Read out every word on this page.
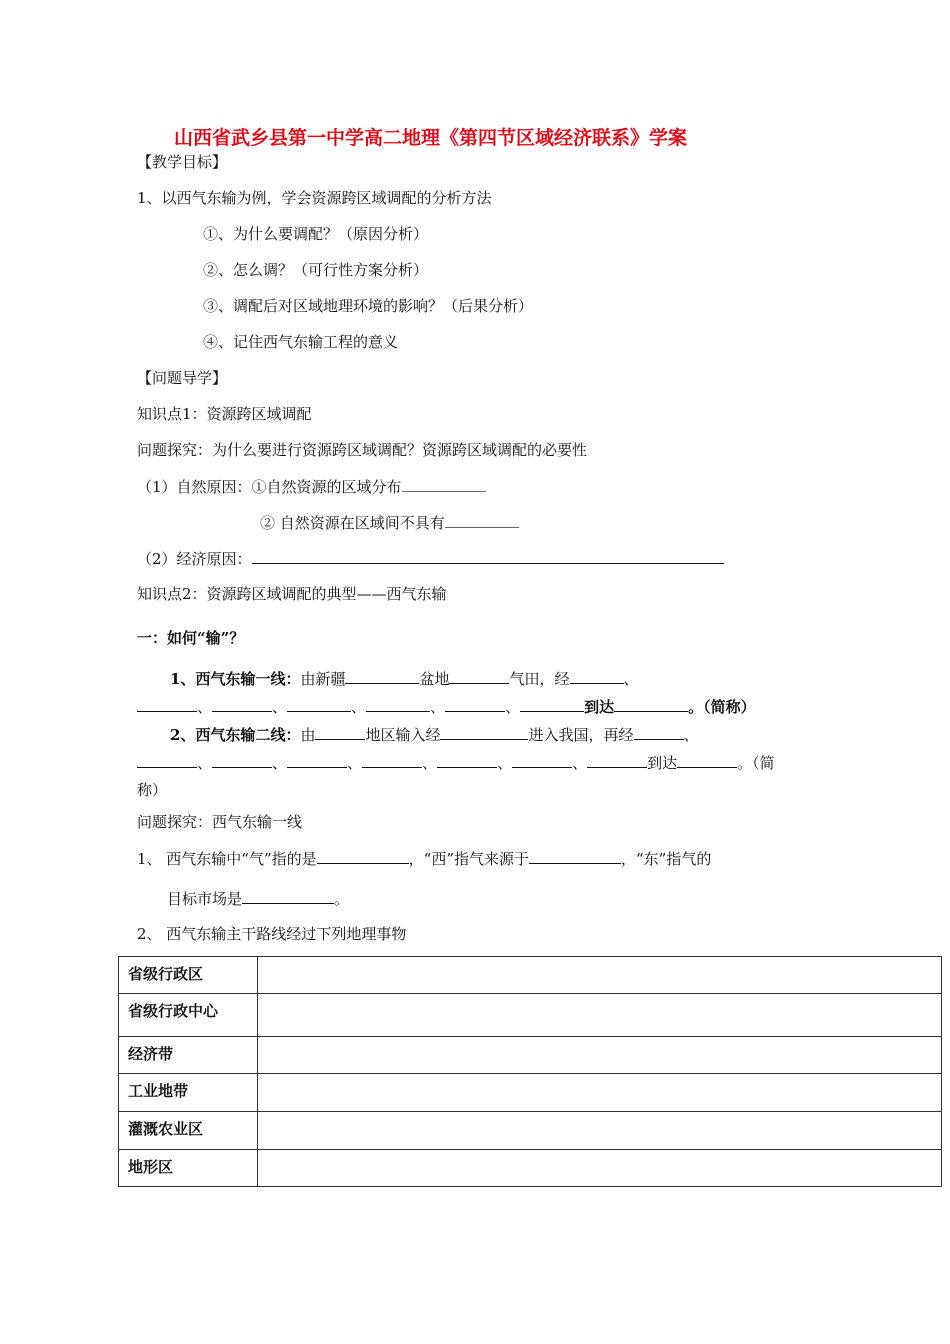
山西省武乡县第一中学高二地理《第四节区域经济联系》学案
【教学目标】
1、以西气东输为例，学会资源跨区域调配的分析方法
①、为什么要调配？（原因分析）
②、怎么调？（可行性方案分析）
③、调配后对区域地理环境的影响？（后果分析）
④、记住西气东输工程的意义
【问题导学】
知识点1：资源跨区域调配
问题探究：为什么要进行资源跨区域调配？资源跨区域调配的必要性
（1）自然原因：①自然资源的区域分布
② 自然资源在区域间不具有
（2）经济原因：
知识点2：资源跨区域调配的典型——西气东输
一：如何“输”？
1、西气东输一线：由新疆	盆地	气田，经	、
、	、	、	、	、	到达	。（简称）
2、西气东输二线：由	地区输入经	进入我国，再经	、
、	、	、	、	、	、	到达	。（简
称）
问题探究：西气东输一线
1、 西气东输中“气”指的是	，“西”指气来源于	，“东”指气的
目标市场是	。
2、 西气东输主干路线经过下列地理事物
省级行政区	
省级行政中心	
经济带	
工业地带	
灌溉农业区	
地形区	
